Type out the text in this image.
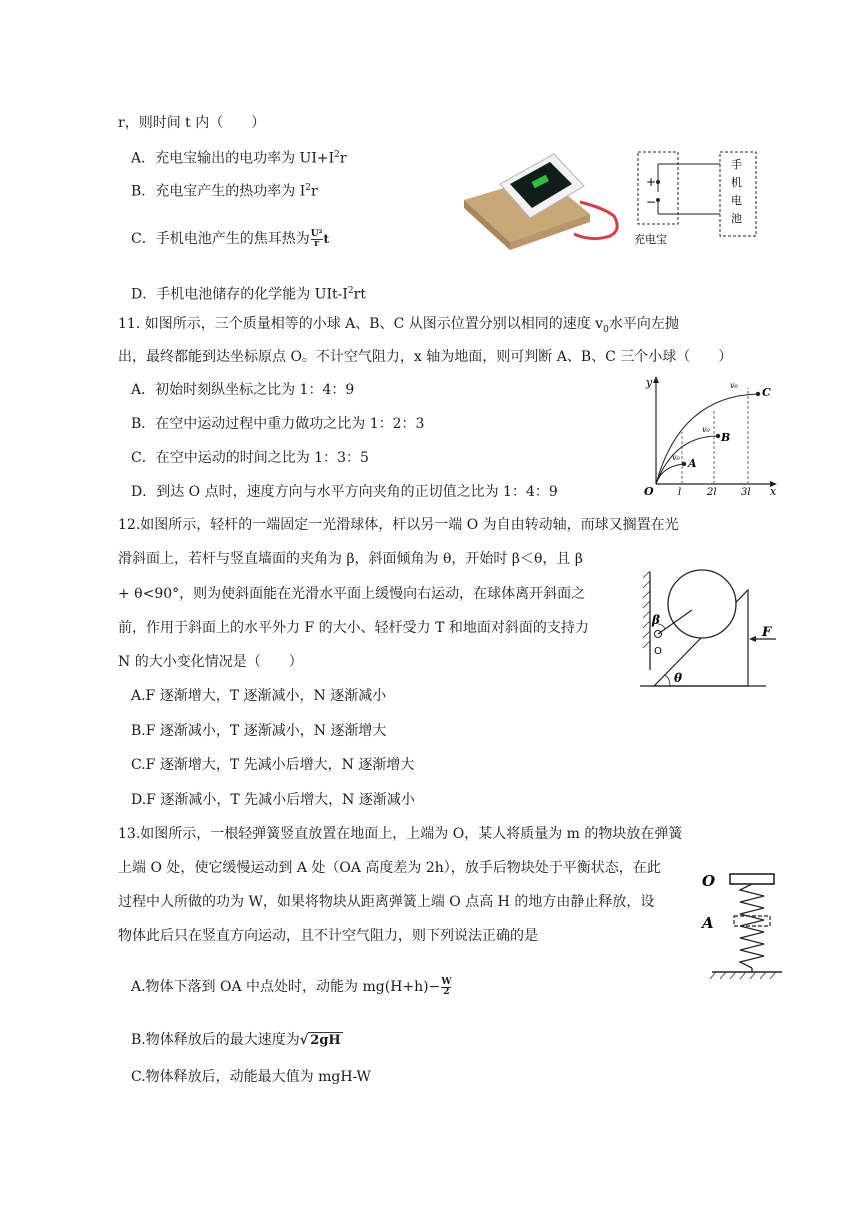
r，则时间 t 内（　　）
A．充电宝输出的电功率为 $UI+I^2r$
B．充电宝产生的热功率为 $I^2r$
C．手机电池产生的焦耳热为 $\frac{\text{U²}}{r}$ t
D．手机电池储存的化学能为 UIt-$I^2rt$
+
−
手
机
电
池
充电宝
11. 如图所示，三个质量相等的小球 A、B、C 从图示位置分别以相同的速度 $v_0$水平向左抛
出，最终都能到达坐标原点 O。不计空气阻力，x 轴为地面，则可判断 A、B、C 三个小球（　　）
A．初始时刻纵坐标之比为 1：4：9
B．在空中运动过程中重力做功之比为 1：2：3
C．在空中运动的时间之比为 1：3：5
D．到达 O 点时，速度方向与水平方向夹角的正切值之比为 1：4：9
y
x
O l	2l 3l
A
B
C
v₀
v₀
v₀
12.如图所示，轻杆的一端固定一光滑球体，杆以另一端 O 为自由转动轴，而球又搁置在光
滑斜面上，若杆与竖直墙面的夹角为 β，斜面倾角为 θ，开始时 β＜θ，且 β
+ θ<90°，则为使斜面能在光滑水平面上缓慢向右运动，在球体离开斜面之
前，作用于斜面上的水平外力 F 的大小、轻杆受力 T 和地面对斜面的支持力
N 的大小变化情况是（　　）
A.F 逐渐增大，T 逐渐减小，N 逐渐减小
B.F 逐渐减小，T 逐渐减小，N 逐渐增大
C.F 逐渐增大，T 先减小后增大，N 逐渐增大
D.F 逐渐减小，T 先减小后增大，N 逐渐减小
β
O
F
θ
13.如图所示，一根轻弹簧竖直放置在地面上，上端为 O，某人将质量为 m 的物块放在弹簧
上端 O 处，使它缓慢运动到 A 处（OA 高度差为 2h），放手后物块处于平衡状态，在此
过程中人所做的功为 W，如果将物块从距离弹簧上端 O 点高 H 的地方由静止释放，设
物体此后只在竖直方向运动，且不计空气阻力，则下列说法正确的是
A.物体下落到 OA 中点处时，动能为 $mg(H+h)- \frac{W}{2}$
B.物体释放后的最大速度为√ 2gH
C.物体释放后，动能最大值为 mgH-W
O
A
